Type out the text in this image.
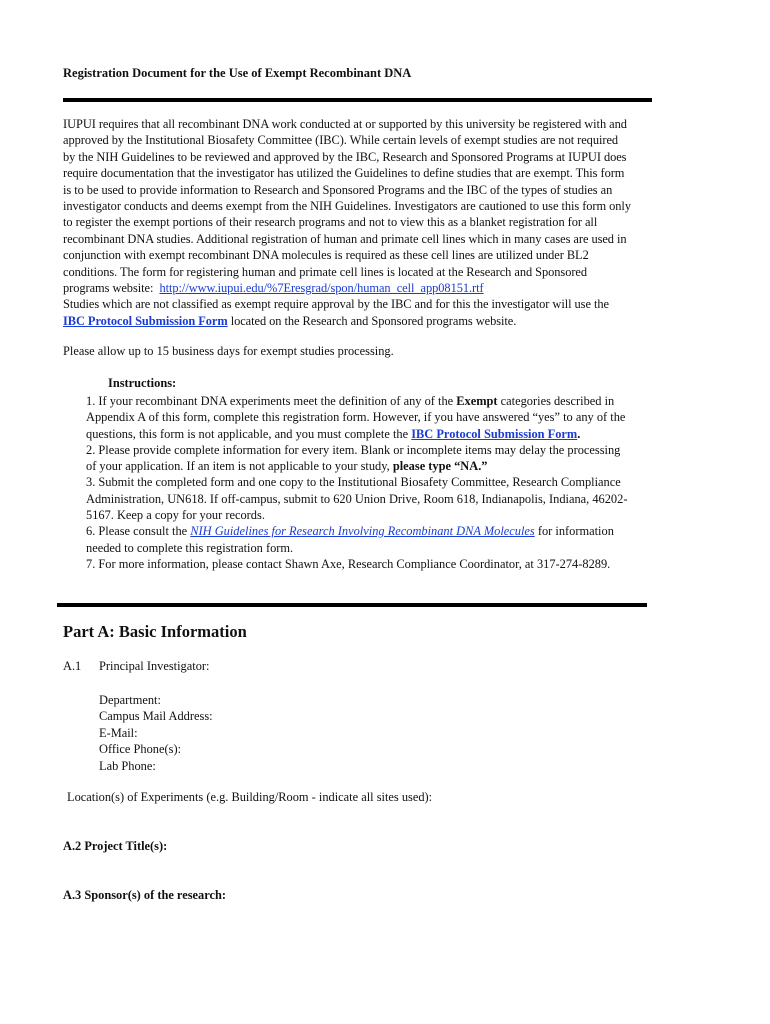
Registration Document for the Use of Exempt Recombinant DNA
IUPUI requires that all recombinant DNA work conducted at or supported by this university be registered with and
approved by the Institutional Biosafety Committee (IBC). While certain levels of exempt studies are not required
by the NIH Guidelines to be reviewed and approved by the IBC, Research and Sponsored Programs at IUPUI does
require documentation that the investigator has utilized the Guidelines to define studies that are exempt. This form
is to be used to provide information to Research and Sponsored Programs and the IBC of the types of studies an
investigator conducts and deems exempt from the NIH Guidelines. Investigators are cautioned to use this form only
to register the exempt portions of their research programs and not to view this as a blanket registration for all
recombinant DNA studies. Additional registration of human and primate cell lines which in many cases are used in
conjunction with exempt recombinant DNA molecules is required as these cell lines are utilized under BL2
conditions. The form for registering human and primate cell lines is located at the Research and Sponsored
programs website: http://www.iupui.edu/%7Eresgrad/spon/human_cell_app08151.rtf
Studies which are not classified as exempt require approval by the IBC and for this the investigator will use the
IBC Protocol Submission Form located on the Research and Sponsored programs website.
Please allow up to 15 business days for exempt studies processing.
Instructions:
1. If your recombinant DNA experiments meet the definition of any of the Exempt categories described in
Appendix A of this form, complete this registration form. However, if you have answered “yes” to any of the
questions, this form is not applicable, and you must complete the IBC Protocol Submission Form.
2. Please provide complete information for every item. Blank or incomplete items may delay the processing
of your application. If an item is not applicable to your study, please type “NA.”
3. Submit the completed form and one copy to the Institutional Biosafety Committee, Research Compliance
Administration, UN618. If off-campus, submit to 620 Union Drive, Room 618, Indianapolis, Indiana, 46202-
5167. Keep a copy for your records.
6. Please consult the NIH Guidelines for Research Involving Recombinant DNA Molecules for information
needed to complete this registration form.
7. For more information, please contact Shawn Axe, Research Compliance Coordinator, at 317-274-8289.
Part A: Basic Information
A.1 Principal Investigator:
Department:
Campus Mail Address:
E-Mail:
Office Phone(s):
Lab Phone:
Location(s) of Experiments (e.g. Building/Room - indicate all sites used):
A.2 Project Title(s):
A.3 Sponsor(s) of the research:
